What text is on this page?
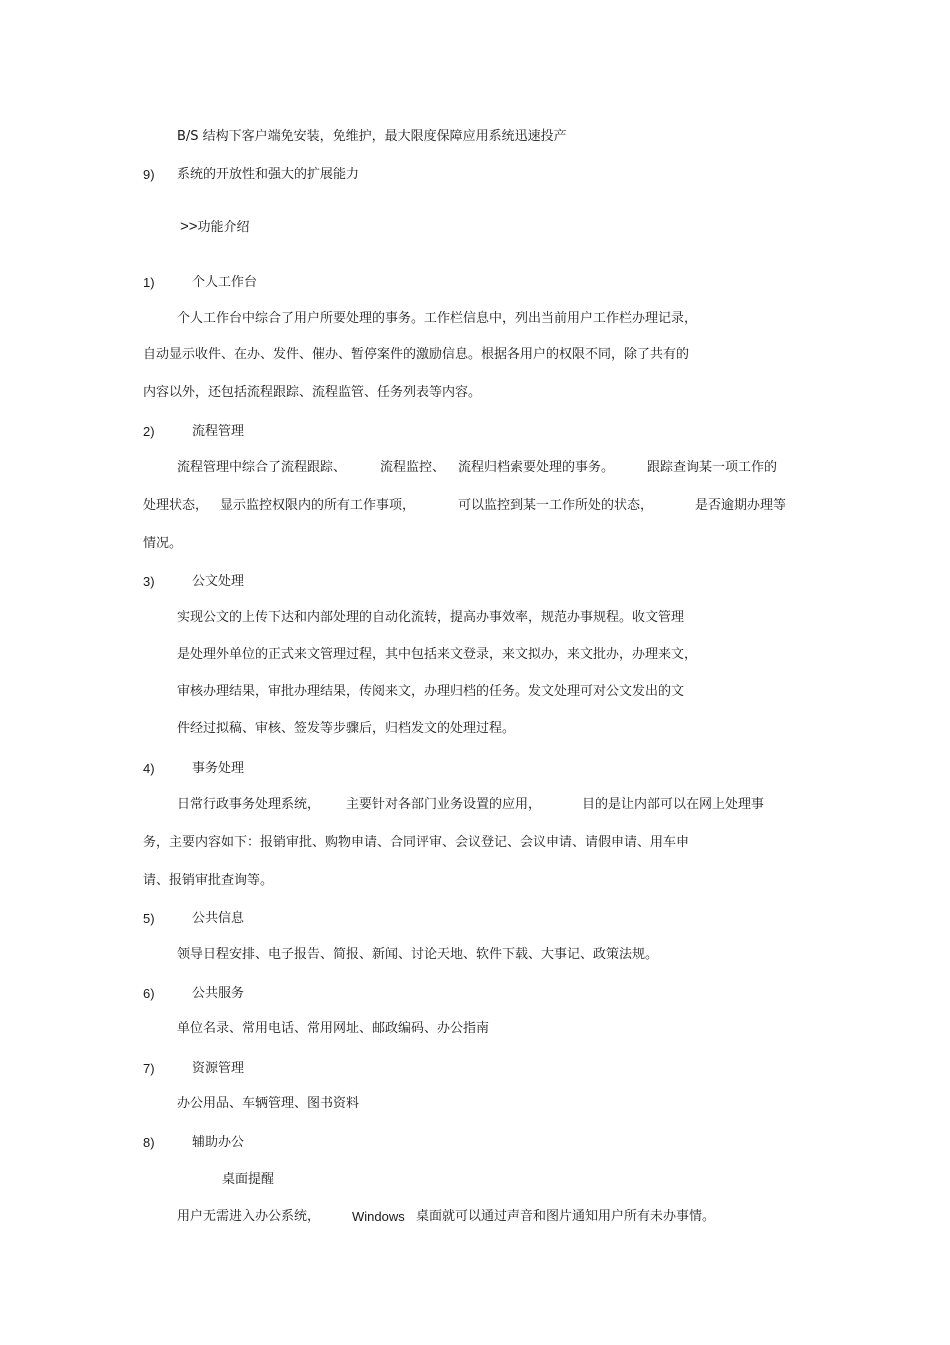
B/S 结构下客户端免安装，免维护，最大限度保障应用系统迅速投产
9) 系统的开放性和强大的扩展能力
>>功能介绍
1)	个人工作台
个人工作台中综合了用户所要处理的事务。工作栏信息中，列出当前用户工作栏办理记录，
自动显示收件、在办、发件、催办、暂停案件的激励信息。根据各用户的权限不同，除了共有的
内容以外，还包括流程跟踪、流程监管、任务列表等内容。
2)	流程管理
流程管理中综合了流程跟踪、	流程监控、 流程归档索要处理的事务。	跟踪查询某一项工作的
处理状态， 显示监控权限内的所有工作事项，	可以监控到某一工作所处的状态，	是否逾期办理等
情况。
3)	公文处理
实现公文的上传下达和内部处理的自动化流转，提高办事效率，规范办事规程。收文管理
是处理外单位的正式来文管理过程，其中包括来文登录，来文拟办，来文批办，办理来文，
审核办理结果，审批办理结果，传阅来文，办理归档的任务。发文处理可对公文发出的文
件经过拟稿、审核、签发等步骤后，归档发文的处理过程。
4)	事务处理
日常行政事务处理系统， 主要针对各部门业务设置的应用，	目的是让内部可以在网上处理事
务，主要内容如下：报销审批、购物申请、合同评审、会议登记、会议申请、请假申请、用车申
请、报销审批查询等。
5)	公共信息
领导日程安排、电子报告、简报、新闻、讨论天地、软件下载、大事记、政策法规。
6)	公共服务
单位名录、常用电话、常用网址、邮政编码、办公指南
7)	资源管理
办公用品、车辆管理、图书资料
8)	辅助办公
桌面提醒
用户无需进入办公系统， Windows 桌面就可以通过声音和图片通知用户所有未办事情。
